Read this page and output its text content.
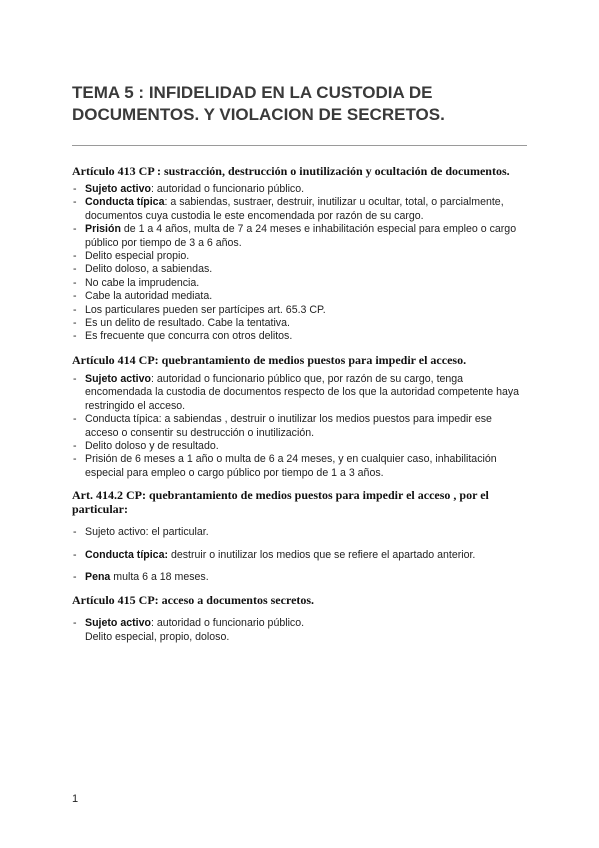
TEMA 5 : INFIDELIDAD EN LA CUSTODIA DE DOCUMENTOS. Y VIOLACION DE SECRETOS.

Artículo 413 CP : sustracción, destrucción o inutilización y ocultación de documentos.

- Sujeto activo: autoridad o funcionario público.
- Conducta típica: a sabiendas, sustraer, destruir, inutilizar u ocultar, total, o parcialmente, documentos cuya custodia le este encomendada por razón de su cargo.
- Prisión de 1 a 4 años, multa de 7 a 24 meses e inhabilitación especial para empleo o cargo público por tiempo de 3 a 6 años.
- Delito especial propio.
- Delito doloso, a sabiendas.
- No cabe la imprudencia.
- Cabe la autoridad mediata.
- Los particulares pueden ser partícipes art. 65.3 CP.
- Es un delito de resultado. Cabe la tentativa.
- Es frecuente que concurra con otros delitos.

Artículo 414 CP: quebrantamiento de medios puestos para impedir el acceso.

- Sujeto activo: autoridad o funcionario público que, por razón de su cargo, tenga encomendada la custodia de documentos respecto de los que la autoridad competente haya restringido el acceso.
- Conducta típica: a sabiendas , destruir o inutilizar los medios puestos para impedir ese acceso o consentir su destrucción o inutilización.
- Delito doloso y de resultado.
- Prisión de 6 meses a 1 año o multa de 6 a 24 meses, y en cualquier caso, inhabilitación especial para empleo o cargo público por tiempo de 1 a 3 años.

Art. 414.2 CP: quebrantamiento de medios puestos para impedir el acceso , por el particular:

- Sujeto activo: el particular.
- Conducta típica: destruir o inutilizar los medios que se refiere el apartado anterior.
- Pena multa 6 a 18 meses.

Artículo 415 CP: acceso a documentos secretos.

- Sujeto activo: autoridad o funcionario público.
Delito especial, propio, doloso.
1
